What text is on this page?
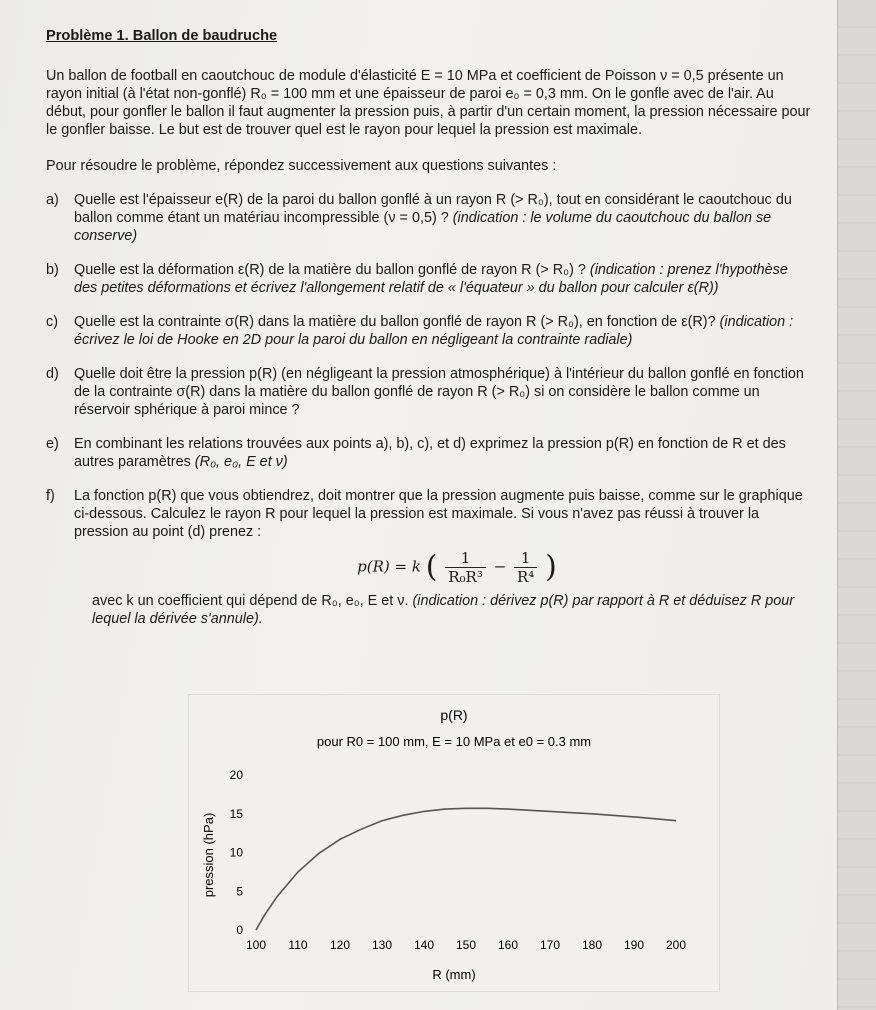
Problème 1. Ballon de baudruche
Un ballon de football en caoutchouc de module d'élasticité E = 10 MPa et coefficient de Poisson ν = 0,5 présente un rayon initial (à l'état non-gonflé) R₀ = 100 mm et une épaisseur de paroi e₀ = 0,3 mm. On le gonfle avec de l'air. Au début, pour gonfler le ballon il faut augmenter la pression puis, à partir d'un certain moment, la pression nécessaire pour le gonfler baisse. Le but est de trouver quel est le rayon pour lequel la pression est maximale.
Pour résoudre le problème, répondez successivement aux questions suivantes :
a) Quelle est l'épaisseur e(R) de la paroi du ballon gonflé à un rayon R (> R₀), tout en considérant le caoutchouc du ballon comme étant un matériau incompressible (ν = 0,5) ? (indication : le volume du caoutchouc du ballon se conserve)
b) Quelle est la déformation ε(R) de la matière du ballon gonflé de rayon R (> R₀) ? (indication : prenez l'hypothèse des petites déformations et écrivez l'allongement relatif de « l'équateur » du ballon pour calculer ε(R))
c) Quelle est la contrainte σ(R) dans la matière du ballon gonflé de rayon R (> R₀), en fonction de ε(R)? (indication : écrivez le loi de Hooke en 2D pour la paroi du ballon en négligeant la contrainte radiale)
d) Quelle doit être la pression p(R) (en négligeant la pression atmosphérique) à l'intérieur du ballon gonflé en fonction de la contrainte σ(R) dans la matière du ballon gonflé de rayon R (> R₀) si on considère le ballon comme un réservoir sphérique à paroi mince ?
e) En combinant les relations trouvées aux points a), b), c), et d) exprimez la pression p(R) en fonction de R et des autres paramètres (R₀, e₀, E et ν)
f) La fonction p(R) que vous obtiendrez, doit montrer que la pression augmente puis baisse, comme sur le graphique ci-dessous. Calculez le rayon R pour lequel la pression est maximale. Si vous n'avez pas réussi à trouver la pression au point (d) prenez :
p(R) = k ( $\frac{1}{\text{R₀R³}} - \frac{1}{\text{R⁴}}$ )
avec k un coefficient qui dépend de R₀, e₀, E et ν. (indication : dérivez p(R) par rapport à R et déduisez R pour lequel la dérivée s'annule).
p(R)
pour R0 = 100 mm, E = 10 MPa et e0 = 0.3 mm
R (mm)
pression (hPa)
100 110 120 130 140 150 160 170 180 190 200
0
5
10
15
20
